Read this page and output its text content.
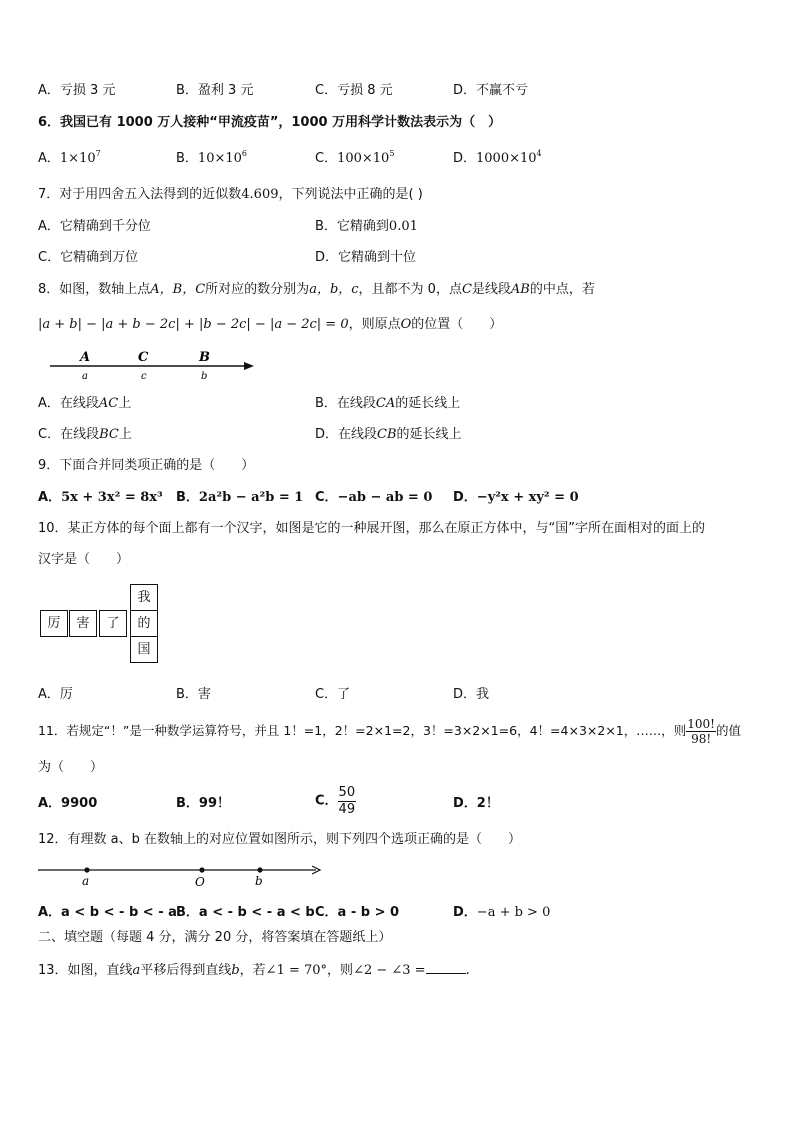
A．亏损 3 元	B．盈利 3 元	C．亏损 8 元	D．不赢不亏
6．我国已有 1000 万人接种“甲流疫苗”，1000 万用科学计数法表示为（　）
A．$1\times 10^7$	B．$10\times 10^6$	C．$100\times 10^5$	D．$1000\times 10^4$
7．对于用四舍五入法得到的近似数4.609，下列说法中正确的是( )
A．它精确到千分位	B．它精确到0.01
C．它精确到万位	D．它精确到十位
8．如图，数轴上点A，B，C所对应的数分别为a，b，c，且都不为 0，点C是线段AB的中点，若
|a + b| − |a + b − 2c| + |b − 2c| − |a − 2c| = 0，则原点O的位置（　　）
A	C	B
a	c	b
A．在线段AC上	B．在线段CA的延长线上
C．在线段BC上	D．在线段CB的延长线上
9．下面合并同类项正确的是（　　）
A．5x + 3x² = 8x³ B．2a²b − a²b = 1 C．−ab − ab = 0 D．−y²x + xy² = 0
10．某正方体的每个面上都有一个汉字，如图是它的一种展开图，那么在原正方体中，与“国”字所在面相对的面上的
汉字是（　　）
我
厉	害	了	的
国
A．厉	B．害	C．了	D．我
11．若规定“！”是一种数学运算符号，并且 1！=1，2！=2×1=2，3！=3×2×1=6，4！=4×3×2×1，……，则 $\frac{100!}{98!}$ 的值
为（　　）
A．9900	B．99！	C． $\frac{50}{49}$	D．2！
12．有理数 a、b 在数轴上的对应位置如图所示，则下列四个选项正确的是（　　）
a	O	b
A．a < b < - b < - a B．a < - b < - a < b C．a - b > 0	D．−a + b > 0
二、填空题（每题 4 分，满分 20 分，将答案填在答题纸上）
13．如图，直线a平移后得到直线b，若∠1 = 70°，则∠2 − ∠3 =	.
